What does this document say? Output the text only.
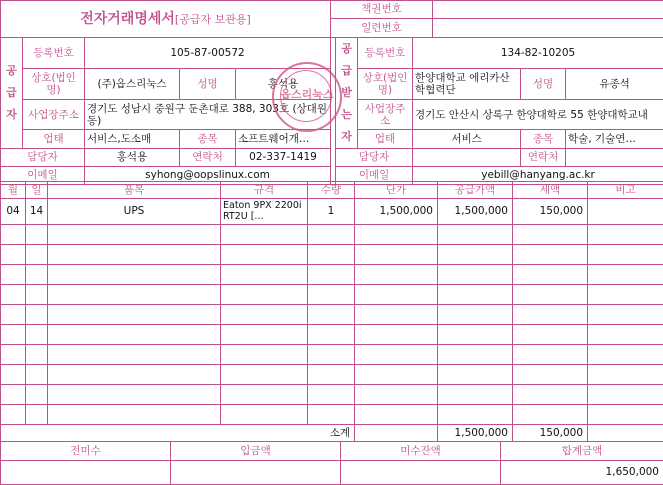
전자거래명세서[공급자 보관용]	책권번호	
	일련번호	
공급자	등록번호	105-87-00572				공급받는자	등록번호	134-82-10205		
	상호(법인명)	(주)옵스리눅스	성명	홍석용			상호(법인명)	한양대학교 에리카산학협력단	성명	유종석
	사업장주소	경기도 성남시 중원구 둔촌대로 388, 303호 (상대원동)					사업장주소	경기도 안산시 상록구 한양대학로 55 한양대학교내		
	업태	서비스,도소매	종목	소프트웨어개…			업태	서비스	종목	학술, 기술연…
담당자		홍석용	연락처	02-337-1419		담당자			연락처	
이메일		syhong@oopslinux.com				이메일		yebill@hanyang.ac.kr		
옵스리눅스
월	일	품목	규격	수량	단가	공급가액	세액	비고
04	14	UPS	Eaton 9PX 2200i RT2U [...	1	1,500,000	1,500,000	150,000	

소계						1,500,000	150,000	
전미수	입금액	미수잔액	합계금액
			1,650,000
